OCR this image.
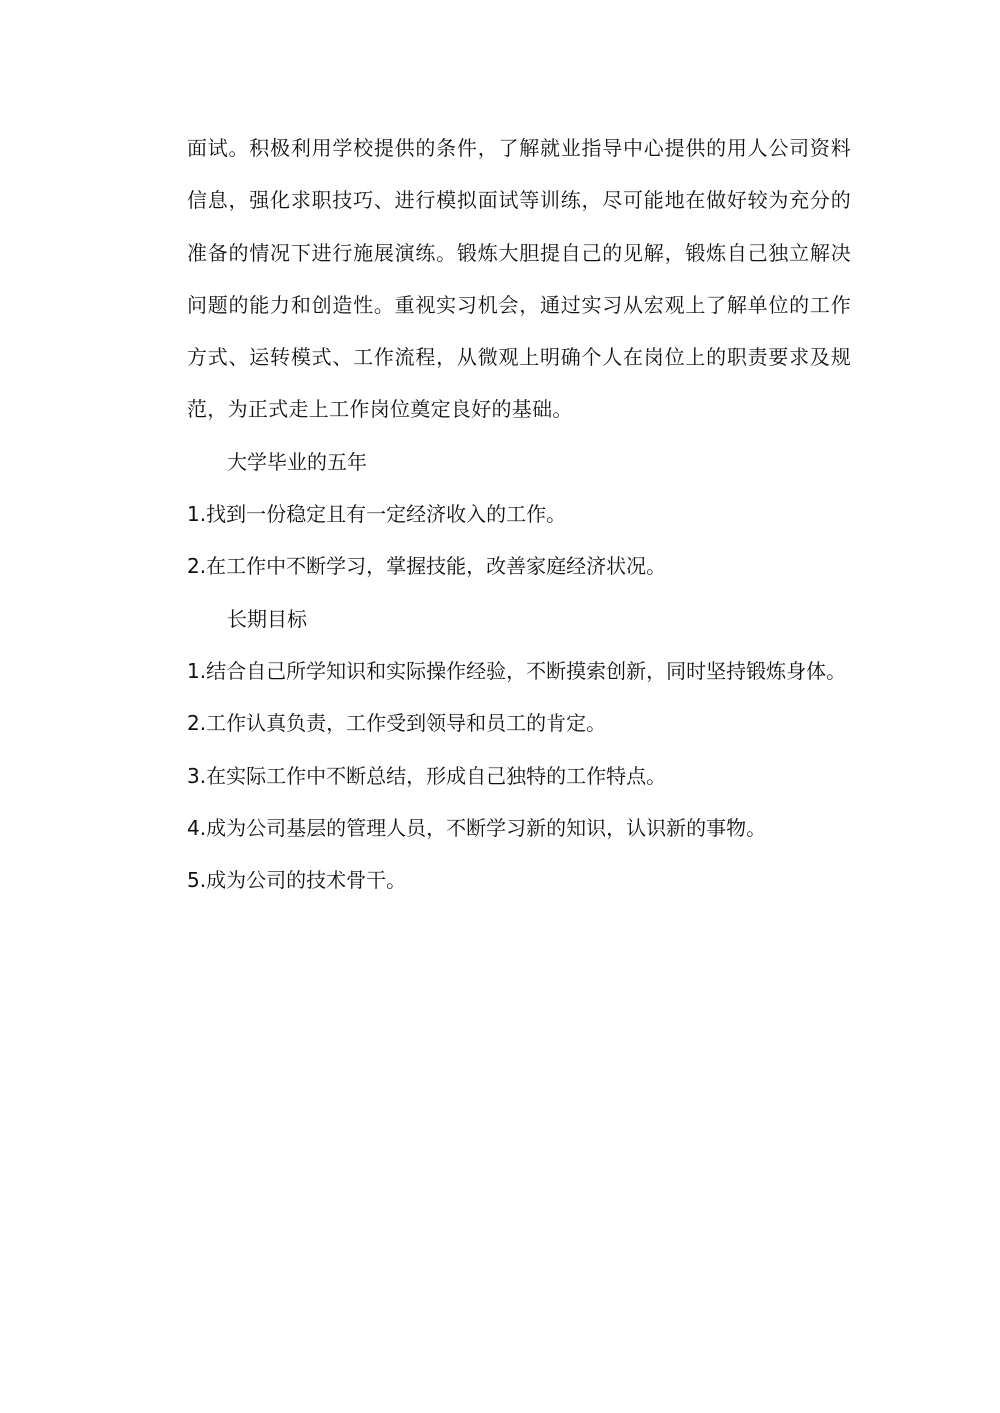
面试。积极利用学校提供的条件，了解就业指导中心提供的用人公司资料信息，强化求职技巧、进行模拟面试等训练，尽可能地在做好较为充分的准备的情况下进行施展演练。锻炼大胆提自己的见解，锻炼自己独立解决问题的能力和创造性。重视实习机会，通过实习从宏观上了解单位的工作方式、运转模式、工作流程，从微观上明确个人在岗位上的职责要求及规范，为正式走上工作岗位奠定良好的基础。

大学毕业的五年
1.找到一份稳定且有一定经济收入的工作。
2.在工作中不断学习，掌握技能，改善家庭经济状况。
长期目标
1.结合自己所学知识和实际操作经验，不断摸索创新，同时坚持锻炼身体。
2.工作认真负责，工作受到领导和员工的肯定。
3.在实际工作中不断总结，形成自己独特的工作特点。
4.成为公司基层的管理人员，不断学习新的知识，认识新的事物。
5.成为公司的技术骨干。
